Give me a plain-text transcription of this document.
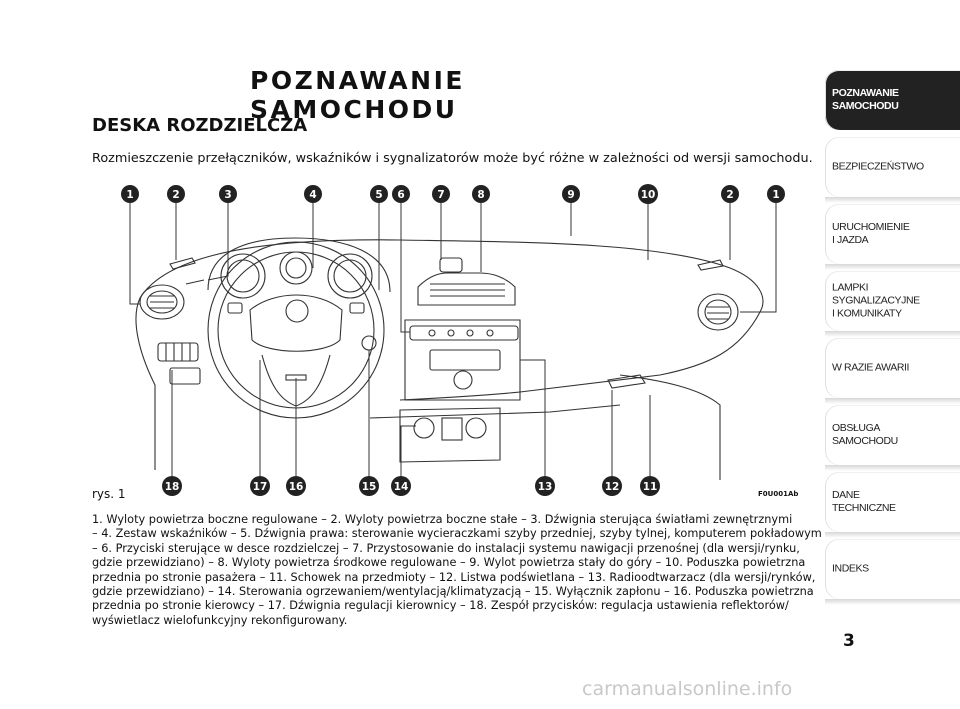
POZNAWANIE SAMOCHODU
DESKA ROZDZIELCZA
Rozmieszczenie przełączników, wskaźników i sygnalizatorów może być różne w zależności od wersji samochodu.
1	2	3	4	5 6	7	8	9	10	2	1
18	17 16	15 14	13	12 11
rys. 1	F0U001Ab
1. Wyloty powietrza boczne regulowane – 2. Wyloty powietrza boczne stałe – 3. Dźwignia sterująca światłami zewnętrznymi
– 4. Zestaw wskaźników – 5. Dźwignia prawa: sterowanie wycieraczkami szyby przedniej, szyby tylnej, komputerem pokładowym
– 6. Przyciski sterujące w desce rozdzielczej – 7. Przystosowanie do instalacji systemu nawigacji przenośnej (dla wersji/rynku,
gdzie przewidziano) – 8. Wyloty powietrza środkowe regulowane – 9. Wylot powietrza stały do góry – 10. Poduszka powietrzna
przednia po stronie pasażera – 11. Schowek na przedmioty – 12. Listwa podświetlana – 13. Radioodtwarzacz (dla wersji/rynków,
gdzie przewidziano) – 14. Sterowania ogrzewaniem/wentylacją/klimatyzacją – 15. Wyłącznik zapłonu – 16. Poduszka powietrzna
przednia po stronie kierowcy – 17. Dźwignia regulacji kierownicy – 18. Zespół przycisków: regulacja ustawienia reflektorów/
wyświetlacz wielofunkcyjny rekonfigurowany.
POZNAWANIE
SAMOCHODU
BEZPIECZEŃSTWO
URUCHOMIENIE
I JAZDA
LAMPKI
SYGNALIZACYJNE
I KOMUNIKATY
W RAZIE AWARII
OBSŁUGA
SAMOCHODU
DANE
TECHNICZNE
INDEKS
3
carmanualsonline.info
